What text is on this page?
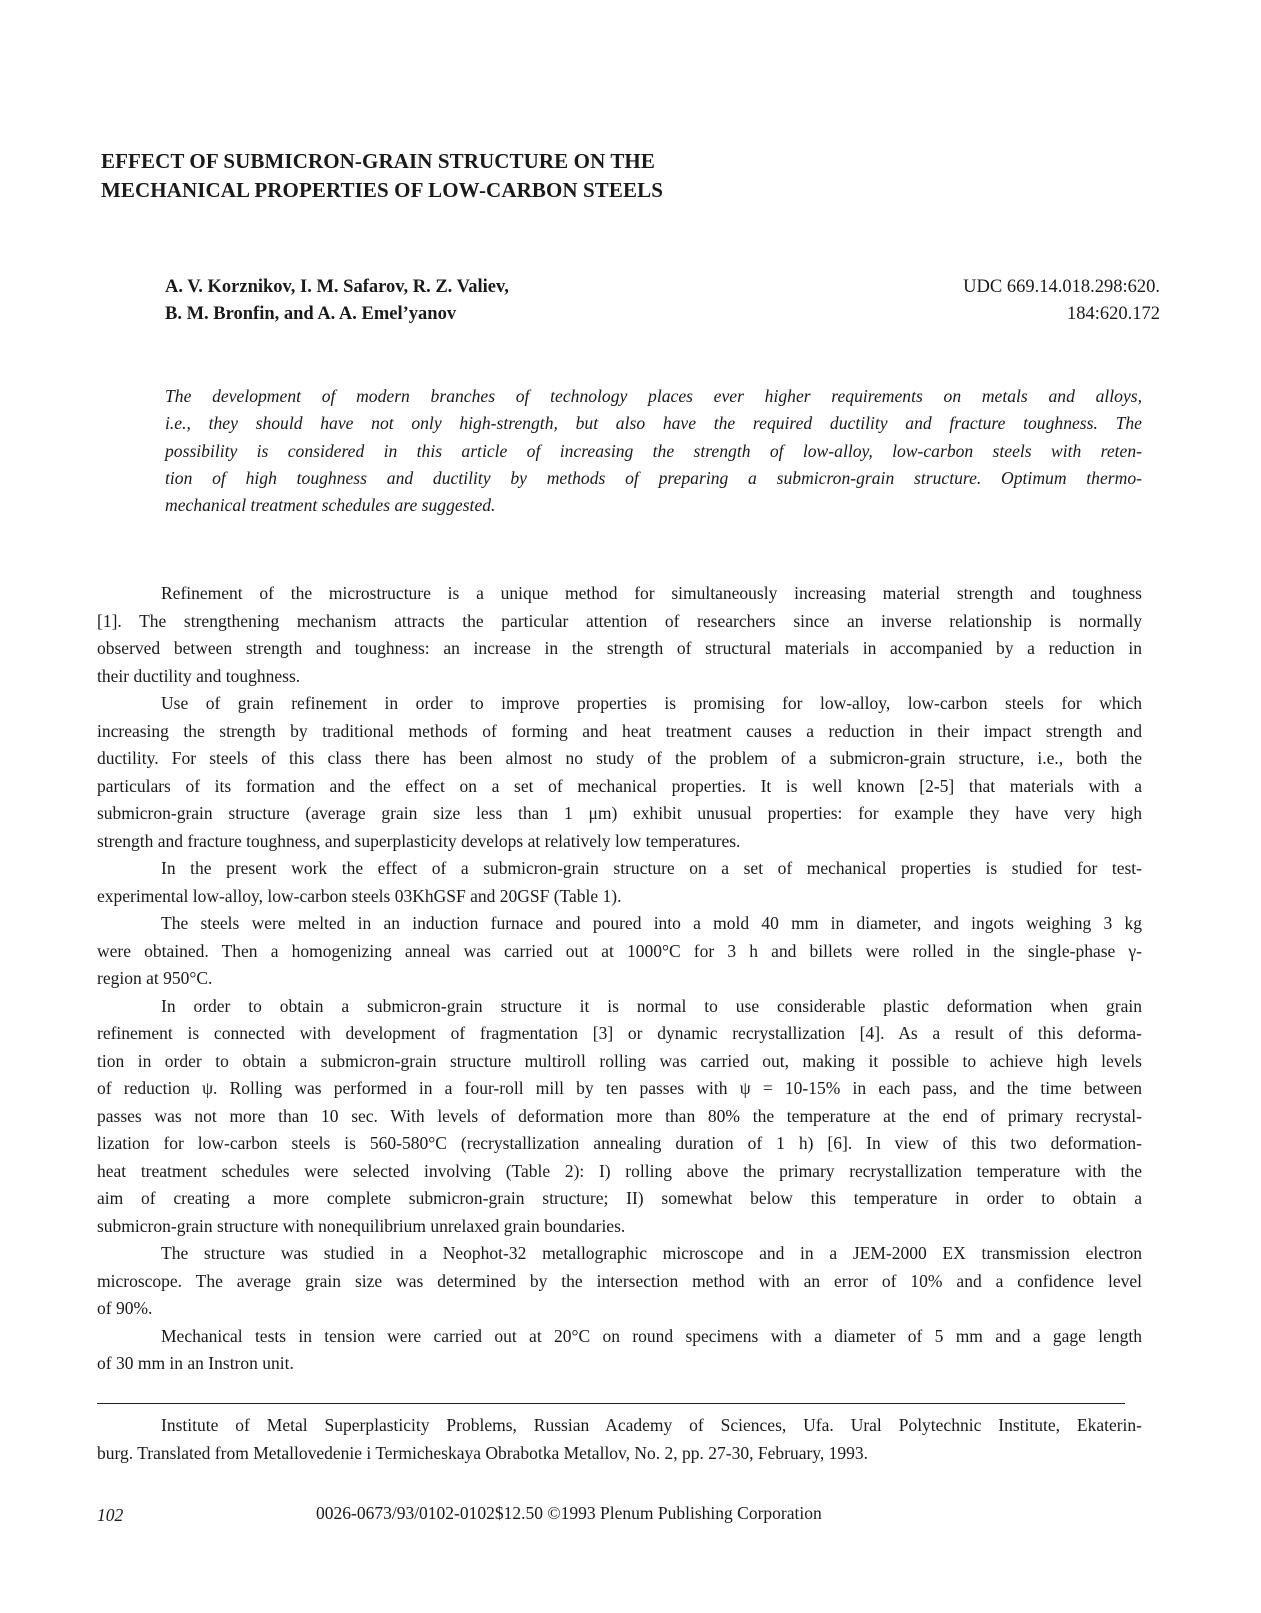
EFFECT OF SUBMICRON-GRAIN STRUCTURE ON THE
MECHANICAL PROPERTIES OF LOW-CARBON STEELS
A. V. Korznikov, I. M. Safarov, R. Z. Valiev,
B. M. Bronfin, and A. A. Emel’yanov
UDC 669.14.018.298:620.
184:620.172
The development of modern branches of technology places ever higher requirements on metals and alloys,
i.e., they should have not only high-strength, but also have the required ductility and fracture toughness. The
possibility is considered in this article of increasing the strength of low-alloy, low-carbon steels with reten-
tion of high toughness and ductility by methods of preparing a submicron-grain structure. Optimum thermo-
mechanical treatment schedules are suggested.
Refinement of the microstructure is a unique method for simultaneously increasing material strength and toughness
[1]. The strengthening mechanism attracts the particular attention of researchers since an inverse relationship is normally
observed between strength and toughness: an increase in the strength of structural materials in accompanied by a reduction in
their ductility and toughness.
Use of grain refinement in order to improve properties is promising for low-alloy, low-carbon steels for which
increasing the strength by traditional methods of forming and heat treatment causes a reduction in their impact strength and
ductility. For steels of this class there has been almost no study of the problem of a submicron-grain structure, i.e., both the
particulars of its formation and the effect on a set of mechanical properties. It is well known [2-5] that materials with a
submicron-grain structure (average grain size less than 1 μm) exhibit unusual properties: for example they have very high
strength and fracture toughness, and superplasticity develops at relatively low temperatures.
In the present work the effect of a submicron-grain structure on a set of mechanical properties is studied for test-
experimental low-alloy, low-carbon steels 03KhGSF and 20GSF (Table 1).
The steels were melted in an induction furnace and poured into a mold 40 mm in diameter, and ingots weighing 3 kg
were obtained. Then a homogenizing anneal was carried out at 1000°C for 3 h and billets were rolled in the single-phase γ-
region at 950°C.
In order to obtain a submicron-grain structure it is normal to use considerable plastic deformation when grain
refinement is connected with development of fragmentation [3] or dynamic recrystallization [4]. As a result of this deforma-
tion in order to obtain a submicron-grain structure multiroll rolling was carried out, making it possible to achieve high levels
of reduction ψ. Rolling was performed in a four-roll mill by ten passes with ψ = 10-15% in each pass, and the time between
passes was not more than 10 sec. With levels of deformation more than 80% the temperature at the end of primary recrystal-
lization for low-carbon steels is 560-580°C (recrystallization annealing duration of 1 h) [6]. In view of this two deformation-
heat treatment schedules were selected involving (Table 2): I) rolling above the primary recrystallization temperature with the
aim of creating a more complete submicron-grain structure; II) somewhat below this temperature in order to obtain a
submicron-grain structure with nonequilibrium unrelaxed grain boundaries.
The structure was studied in a Neophot-32 metallographic microscope and in a JEM-2000 EX transmission electron
microscope. The average grain size was determined by the intersection method with an error of 10% and a confidence level
of 90%.
Mechanical tests in tension were carried out at 20°C on round specimens with a diameter of 5 mm and a gage length
of 30 mm in an Instron unit.
Institute of Metal Superplasticity Problems, Russian Academy of Sciences, Ufa. Ural Polytechnic Institute, Ekaterin-
burg. Translated from Metallovedenie i Termicheskaya Obrabotka Metallov, No. 2, pp. 27-30, February, 1993.
102	0026-0673/93/0102-0102$12.50 ©1993 Plenum Publishing Corporation
